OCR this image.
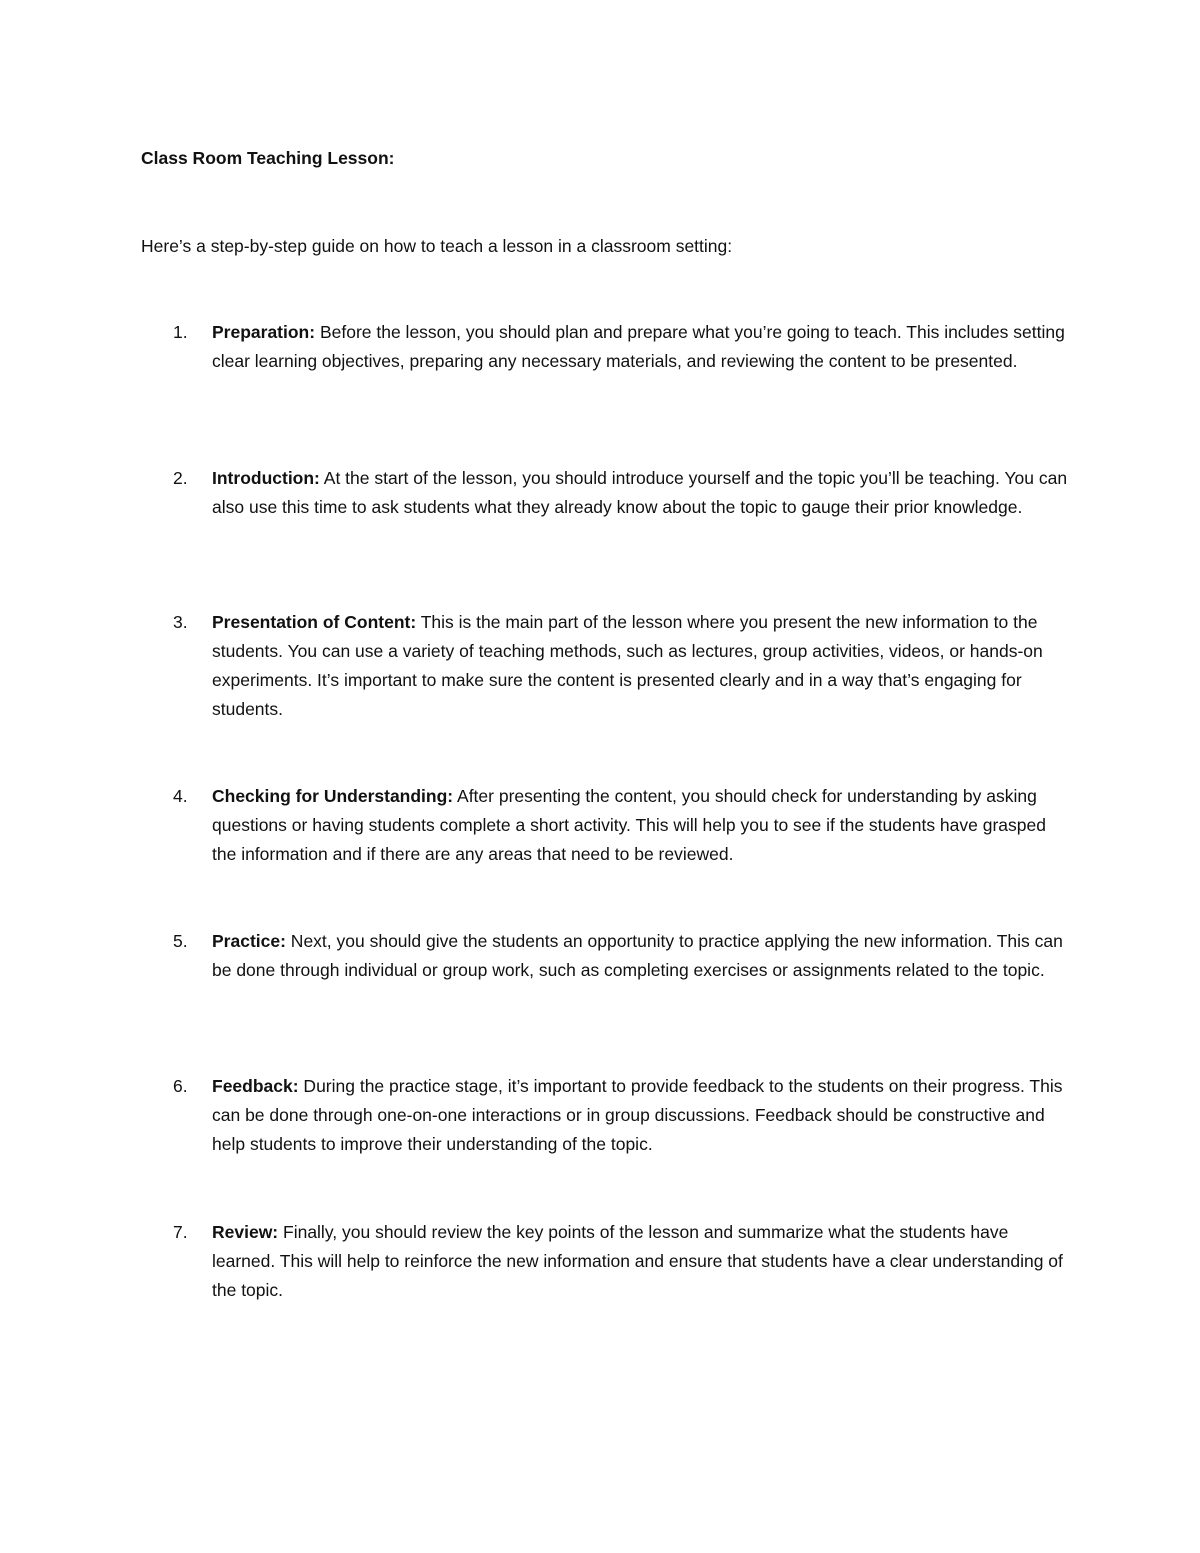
Class Room Teaching Lesson:

Here’s a step-by-step guide on how to teach a lesson in a classroom setting:

1. Preparation: Before the lesson, you should plan and prepare what you’re going to teach. This includes setting clear learning objectives, preparing any necessary materials, and reviewing the content to be presented.

2. Introduction: At the start of the lesson, you should introduce yourself and the topic you’ll be teaching. You can also use this time to ask students what they already know about the topic to gauge their prior knowledge.

3. Presentation of Content: This is the main part of the lesson where you present the new information to the students. You can use a variety of teaching methods, such as lectures, group activities, videos, or hands-on experiments. It’s important to make sure the content is presented clearly and in a way that’s engaging for students.

4. Checking for Understanding: After presenting the content, you should check for understanding by asking questions or having students complete a short activity. This will help you to see if the students have grasped the information and if there are any areas that need to be reviewed.

5. Practice: Next, you should give the students an opportunity to practice applying the new information. This can be done through individual or group work, such as completing exercises or assignments related to the topic.

6. Feedback: During the practice stage, it’s important to provide feedback to the students on their progress. This can be done through one-on-one interactions or in group discussions. Feedback should be constructive and help students to improve their understanding of the topic.

7. Review: Finally, you should review the key points of the lesson and summarize what the students have learned. This will help to reinforce the new information and ensure that students have a clear understanding of the topic.
